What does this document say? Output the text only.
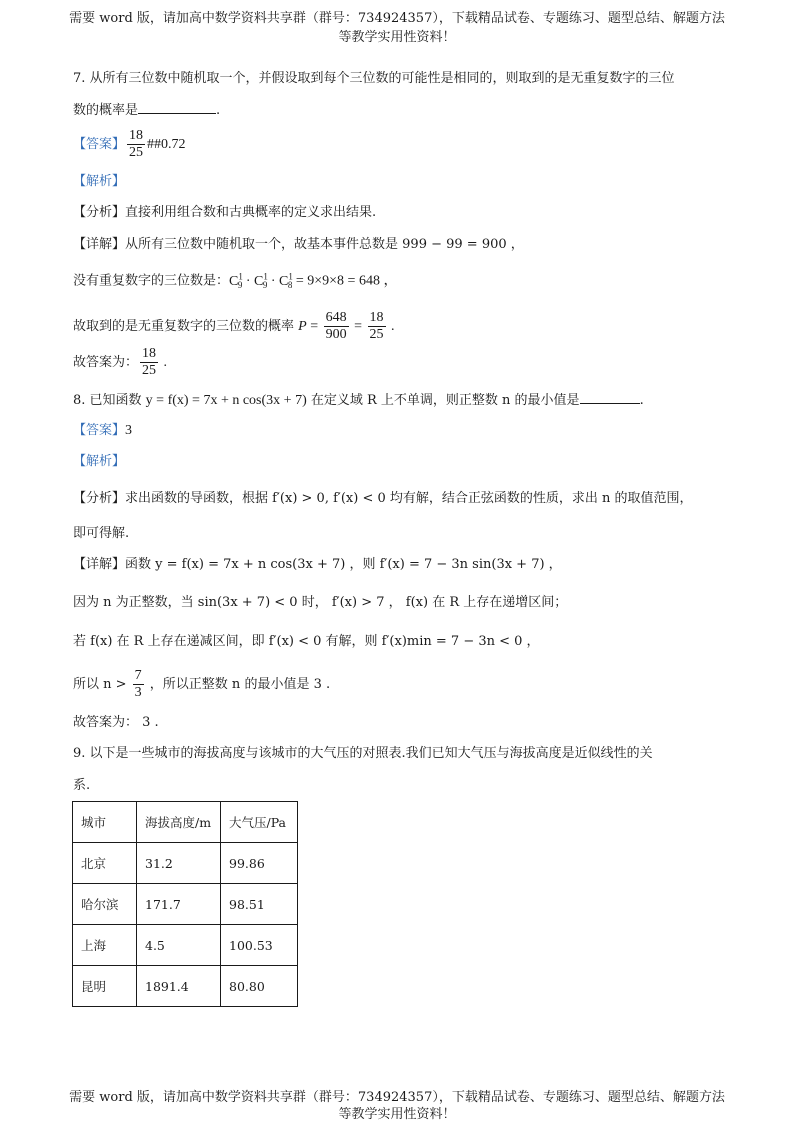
需要 word 版，请加高中数学资料共享群（群号：734924357），下载精品试卷、专题练习、题型总结、解题方法
等教学实用性资料！
7. 从所有三位数中随机取一个，并假设取到每个三位数的可能性是相同的，则取到的是无重复数字的三位
数的概率是	.
【答案】 $\frac{18}{25}$ ##0.72
【解析】
【分析】直接利用组合数和古典概率的定义求出结果.
【详解】从所有三位数中随机取一个，故基本事件总数是 999 − 99 = 900 ，
没有重复数字的三位数是：$C^1_9 \cdot C^1_9 \cdot C^1_8 = 9\times 9\times 8 = 648$ ，
故取到的是无重复数字的三位数的概率 $P = \frac{648}{900} = \frac{18}{25}$ .
故答案为： $\frac{18}{25}$ .
8. 已知函数 y = f(x) = 7x + n cos(3x + 7) 在定义域 R 上不单调，则正整数 n 的最小值是	.
【答案】3
【解析】
【分析】求出函数的导函数，根据 f′(x) > 0, f′(x) < 0 均有解，结合正弦函数的性质，求出 n 的取值范围，
即可得解.
【详解】函数 y = f(x) = 7x + n cos(3x + 7) ，则 f′(x) = 7 − 3n sin(3x + 7) ，
因为 n 为正整数，当 sin(3x + 7) < 0 时， f′(x) > 7 ， f(x) 在 R 上存在递增区间；
若 f(x) 在 R 上存在递减区间，即 f′(x) < 0 有解，则 f′(x)min = 7 − 3n < 0 ，
所以 $n > \frac{7}{3}$ ，所以正整数 n 的最小值是 3 .
故答案为： 3 .
9. 以下是一些城市的海拔高度与该城市的大气压的对照表.我们已知大气压与海拔高度是近似线性的关
系.
城市	海拔高度/m	大气压/Pa
北京	31.2	99.86
哈尔滨	171.7	98.51
上海	4.5	100.53
昆明	1891.4	80.80
需要 word 版，请加高中数学资料共享群（群号：734924357），下载精品试卷、专题练习、题型总结、解题方法
等教学实用性资料！
